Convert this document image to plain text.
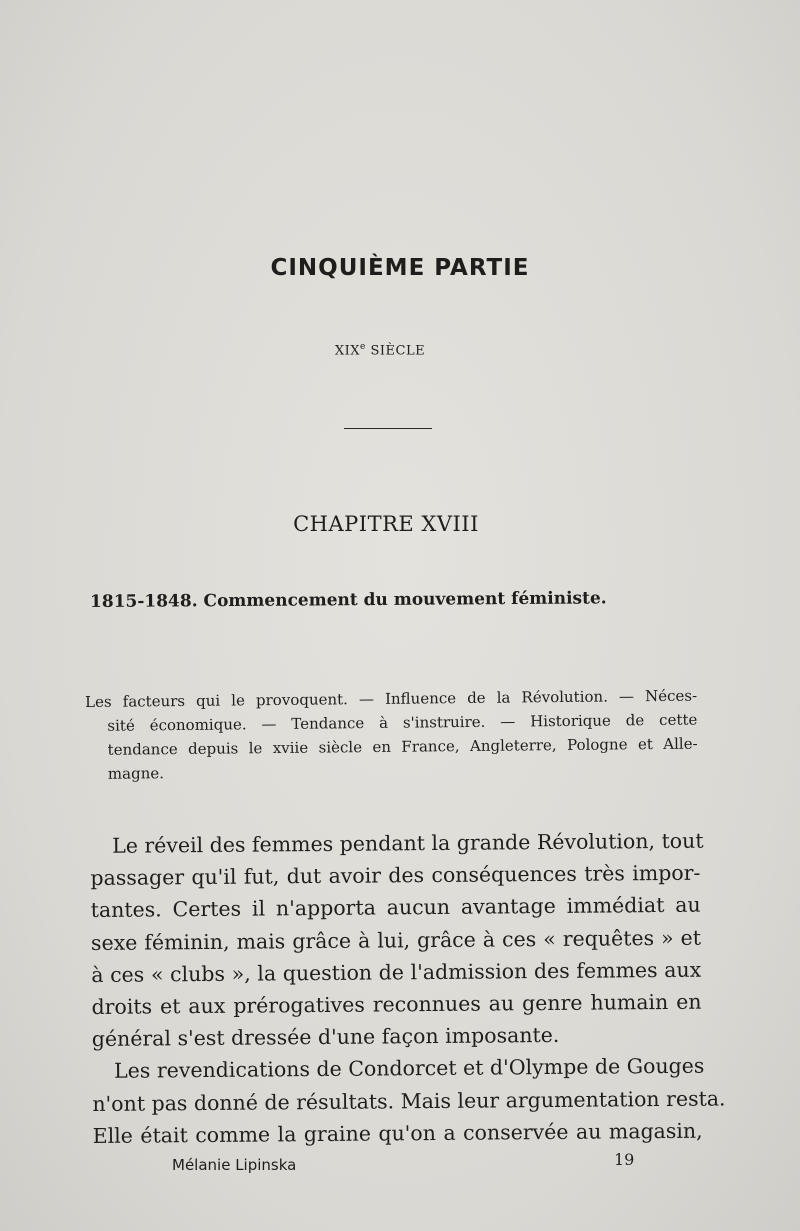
CINQUIÈME PARTIE
XIXe SIÈCLE
CHAPITRE XVIII
1815-1848. Commencement du mouvement féministe.
Les facteurs qui le provoquent. — Influence de la Révolution. — Néces-
sité économique. — Tendance à s'instruire. — Historique de cette
tendance depuis le xviie siècle en France, Angleterre, Pologne et Alle-
magne.
Le réveil des femmes pendant la grande Révolution, tout
passager qu'il fut, dut avoir des conséquences très impor-
tantes. Certes il n'apporta aucun avantage immédiat au
sexe féminin, mais grâce à lui, grâce à ces « requêtes » et
à ces « clubs », la question de l'admission des femmes aux
droits et aux prérogatives reconnues au genre humain en
général s'est dressée d'une façon imposante.
Les revendications de Condorcet et d'Olympe de Gouges
n'ont pas donné de résultats. Mais leur argumentation resta.
Elle était comme la graine qu'on a conservée au magasin,
Mélanie Lipinska	19
